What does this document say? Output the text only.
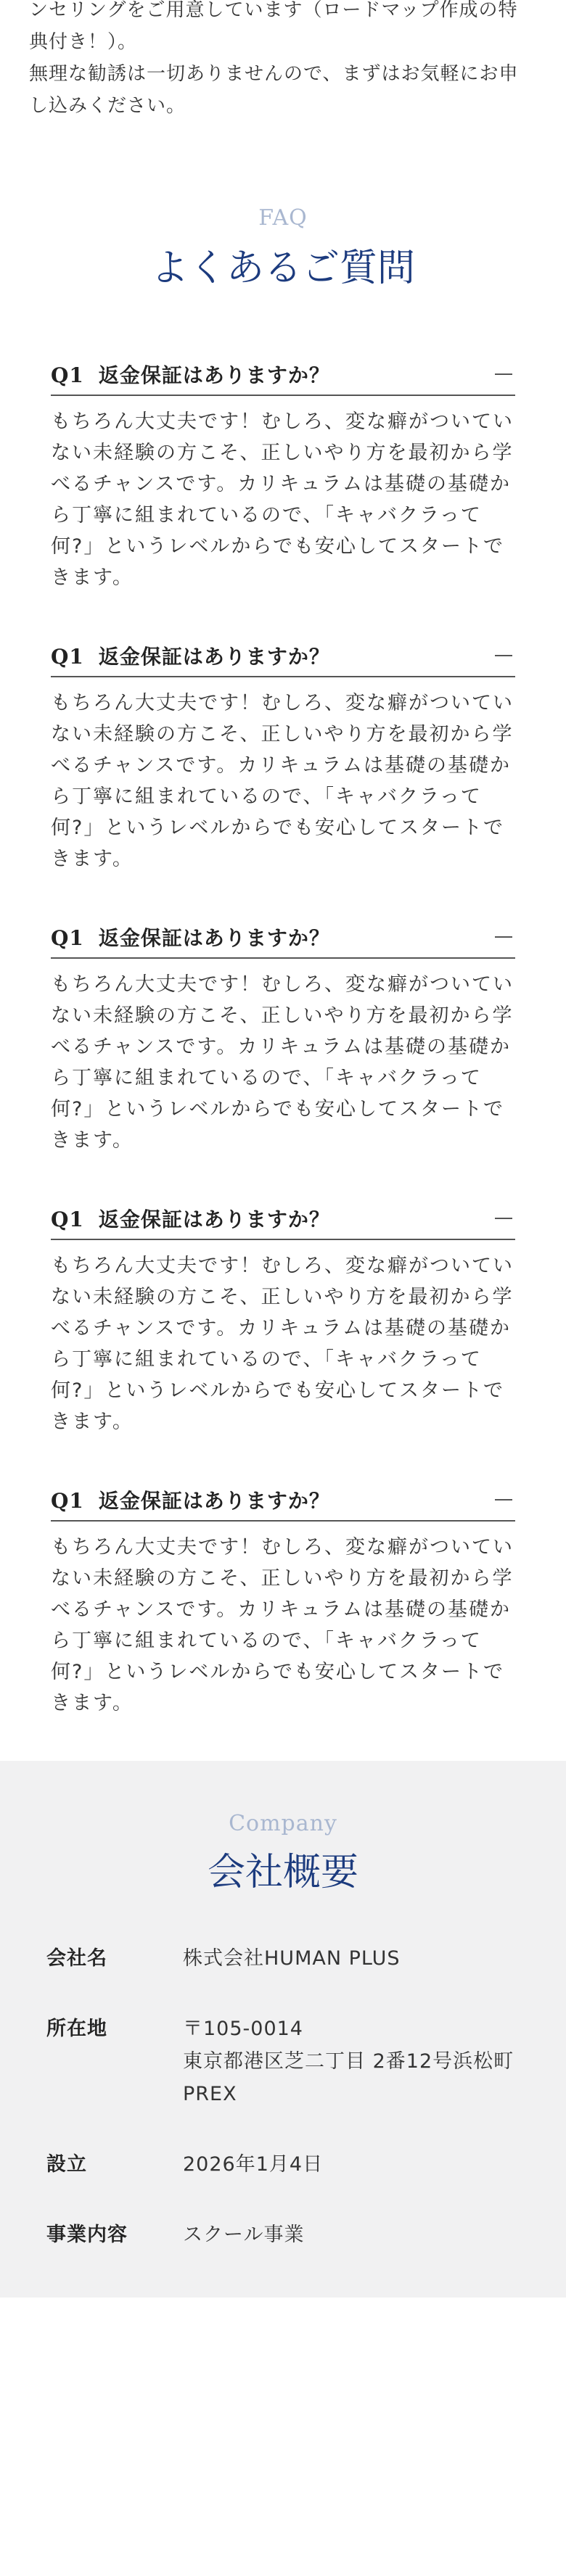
ンセリングをご用意しています（ロードマップ作成の特典付き！）。

無理な勧誘は一切ありませんので、まずはお気軽にお申し込みください。

FAQ

よくあるご質問
Q1 返金保証はありますか？

もちろん大丈夫です！むしろ、変な癖がついていない未経験の方こそ、正しいやり方を最初から学べるチャンスです。カリキュラムは基礎の基礎から丁寧に組まれているので、「キャバクラって何?」というレベルからでも安心してスタートできます。

Q1 返金保証はありますか？

もちろん大丈夫です！むしろ、変な癖がついていない未経験の方こそ、正しいやり方を最初から学べるチャンスです。カリキュラムは基礎の基礎から丁寧に組まれているので、「キャバクラって何?」というレベルからでも安心してスタートできます。

Q1 返金保証はありますか？

もちろん大丈夫です！むしろ、変な癖がついていない未経験の方こそ、正しいやり方を最初から学べるチャンスです。カリキュラムは基礎の基礎から丁寧に組まれているので、「キャバクラって何?」というレベルからでも安心してスタートできます。

Q1 返金保証はありますか？

もちろん大丈夫です！むしろ、変な癖がついていない未経験の方こそ、正しいやり方を最初から学べるチャンスです。カリキュラムは基礎の基礎から丁寧に組まれているので、「キャバクラって何?」というレベルからでも安心してスタートできます。

Q1 返金保証はありますか？

もちろん大丈夫です！むしろ、変な癖がついていない未経験の方こそ、正しいやり方を最初から学べるチャンスです。カリキュラムは基礎の基礎から丁寧に組まれているので、「キャバクラって何?」というレベルからでも安心してスタートできます。

Company

会社概要
会社名	株式会社HUMAN PLUS

所在地	〒105-0014
東京都港区芝二丁目 2番12号浜松町PREX

設立	2026年1月4日

事業内容	スクール事業
